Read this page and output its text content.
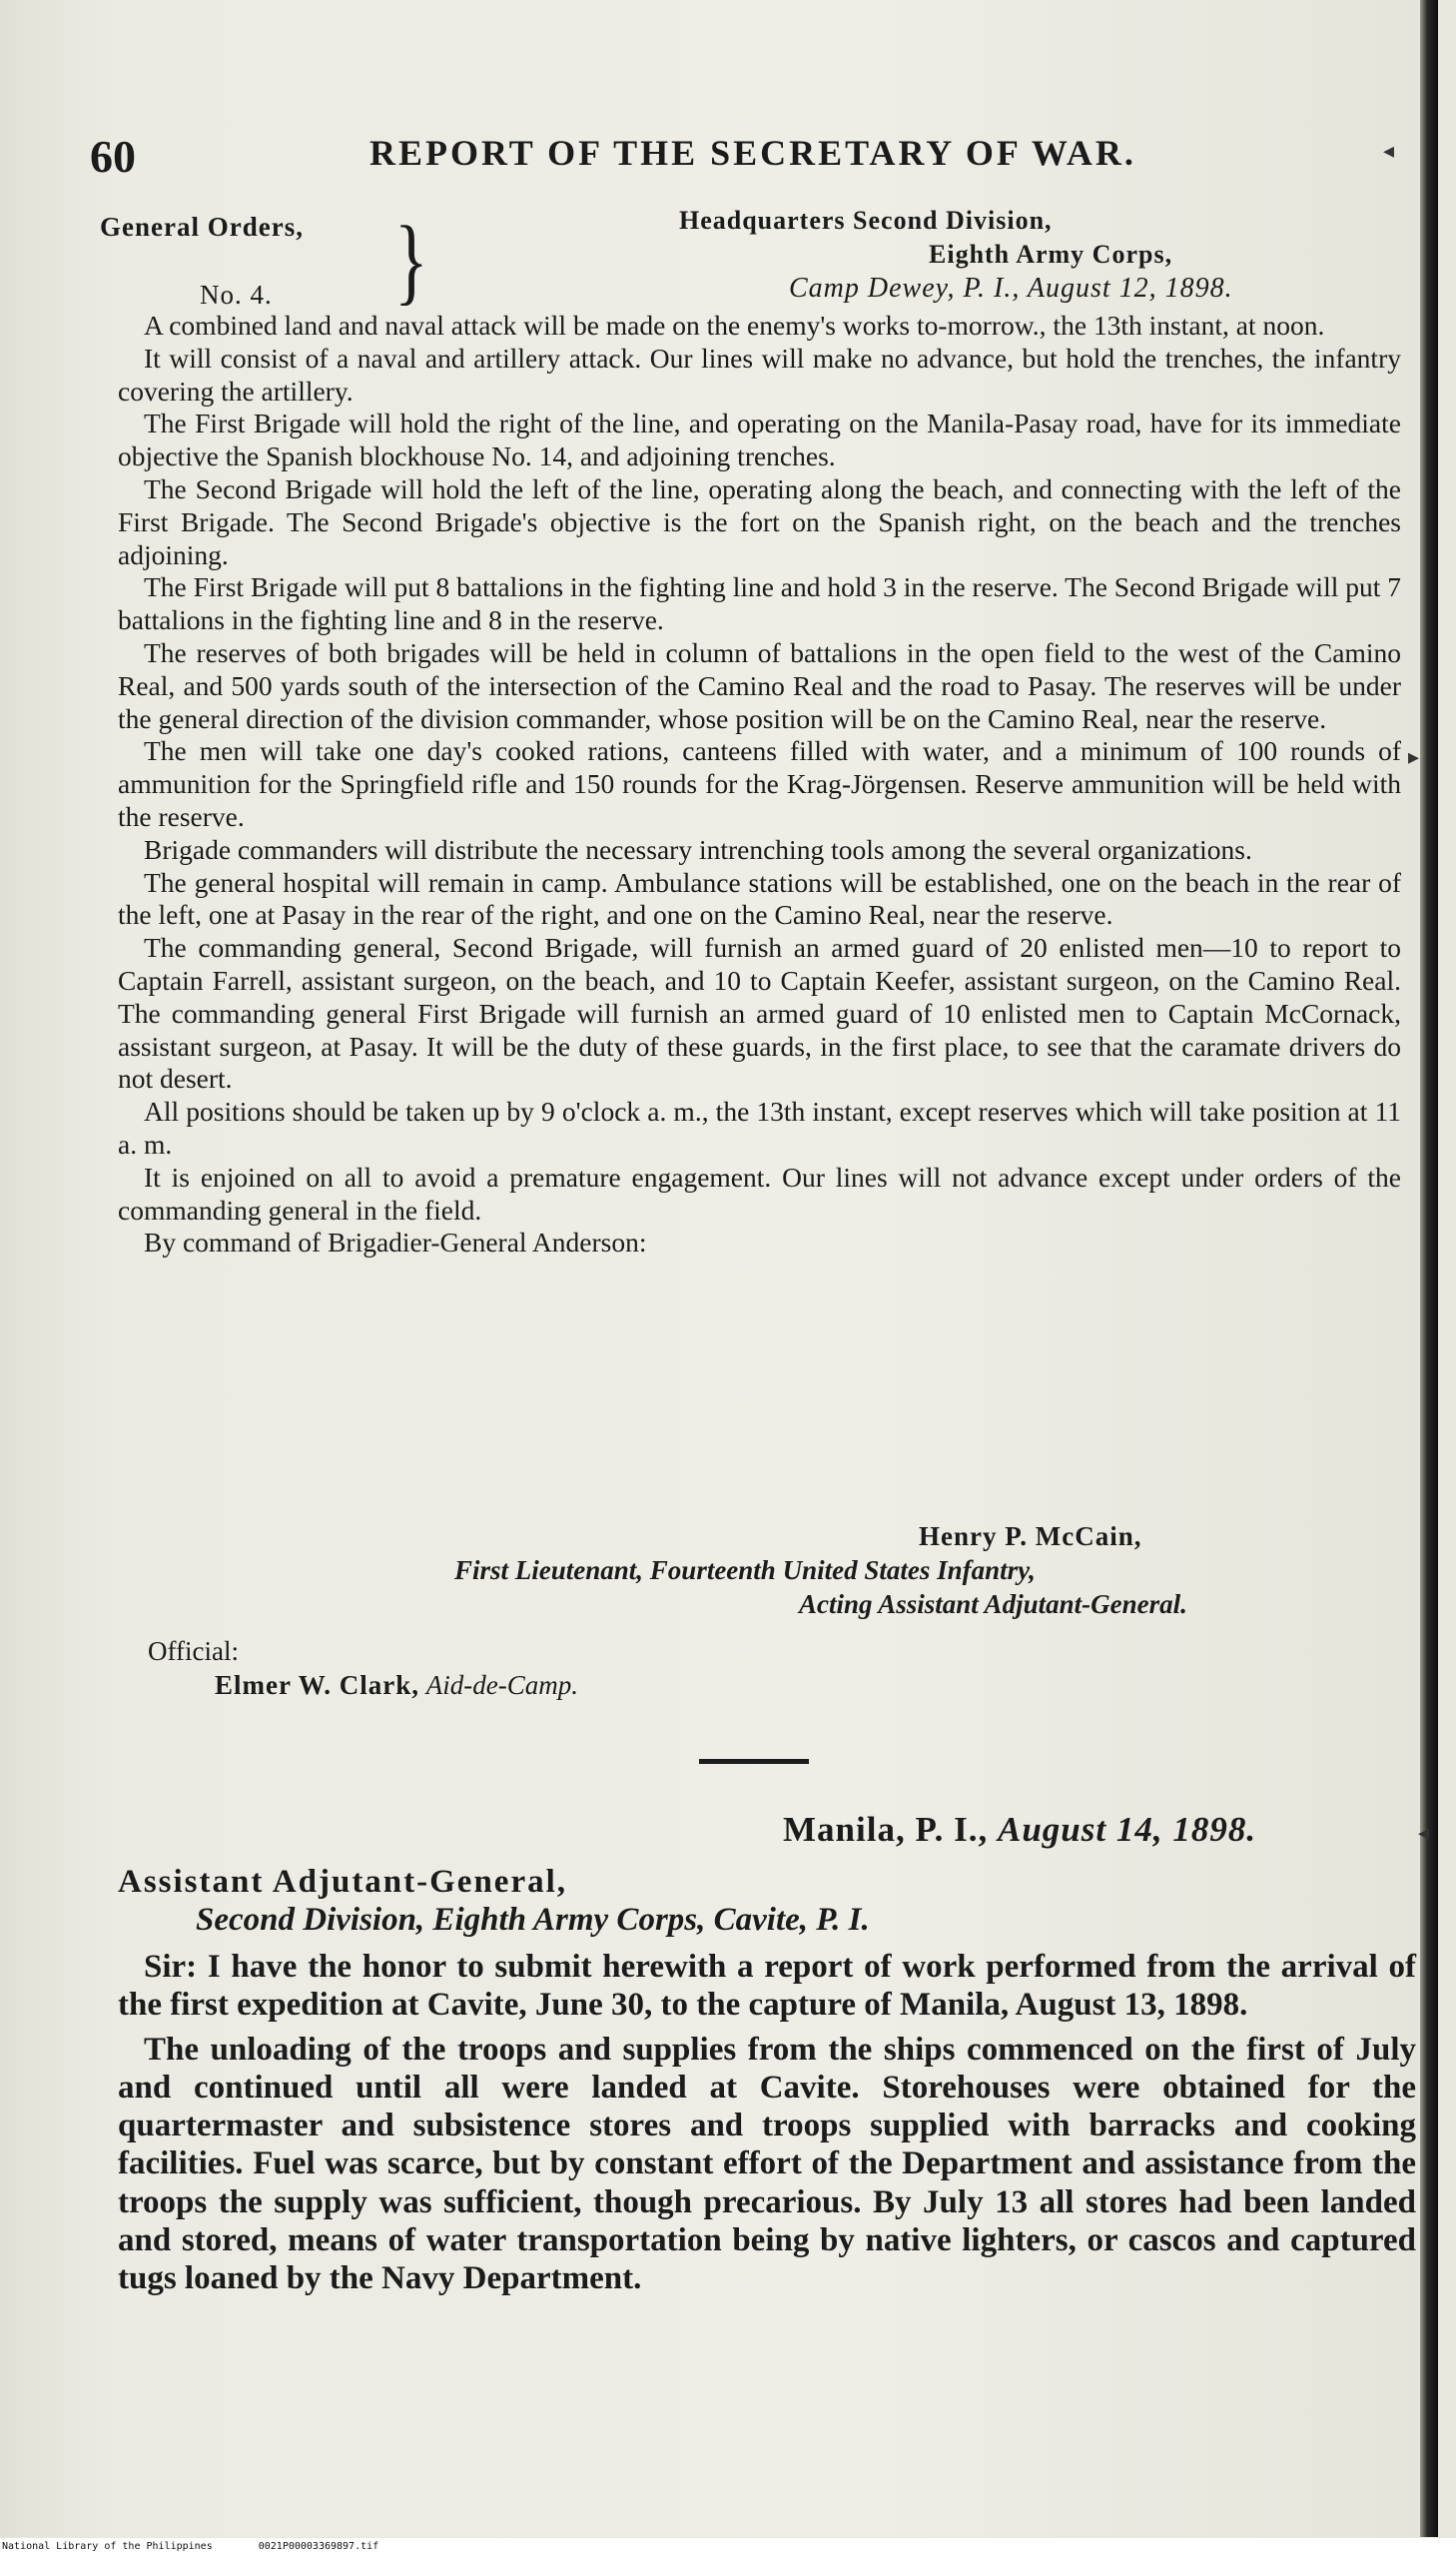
60	REPORT OF THE SECRETARY OF WAR.
General Orders,
No. 4. }	Headquarters Second Division,
Eighth Army Corps,
Camp Dewey, P. I., August 12, 1898.

A combined land and naval attack will be made on the enemy's works to-morrow., the 13th instant, at noon.

It will consist of a naval and artillery attack. Our lines will make no advance, but hold the trenches, the infantry covering the artillery.

The First Brigade will hold the right of the line, and operating on the Manila-Pasay road, have for its immediate objective the Spanish blockhouse No. 14, and adjoining trenches.

The Second Brigade will hold the left of the line, operating along the beach, and connecting with the left of the First Brigade. The Second Brigade's objective is the fort on the Spanish right, on the beach and the trenches adjoining.

The First Brigade will put 8 battalions in the fighting line and hold 3 in the reserve. The Second Brigade will put 7 battalions in the fighting line and 8 in the reserve.

The reserves of both brigades will be held in column of battalions in the open field to the west of the Camino Real, and 500 yards south of the intersection of the Camino Real and the road to Pasay. The reserves will be under the general direction of the division commander, whose position will be on the Camino Real, near the reserve.

The men will take one day's cooked rations, canteens filled with water, and a minimum of 100 rounds of ammunition for the Springfield rifle and 150 rounds for the Krag-Jörgensen. Reserve ammunition will be held with the reserve.

Brigade commanders will distribute the necessary intrenching tools among the several organizations.

The general hospital will remain in camp. Ambulance stations will be established, one on the beach in the rear of the left, one at Pasay in the rear of the right, and one on the Camino Real, near the reserve.

The commanding general, Second Brigade, will furnish an armed guard of 20 enlisted men—10 to report to Captain Farrell, assistant surgeon, on the beach, and 10 to Captain Keefer, assistant surgeon, on the Camino Real. The commanding general First Brigade will furnish an armed guard of 10 enlisted men to Captain McCornack, assistant surgeon, at Pasay. It will be the duty of these guards, in the first place, to see that the caramate drivers do not desert.

All positions should be taken up by 9 o'clock a. m., the 13th instant, except reserves which will take position at 11 a. m.

It is enjoined on all to avoid a premature engagement. Our lines will not advance except under orders of the commanding general in the field.

By command of Brigadier-General Anderson:

Henry P. McCain,
First Lieutenant, Fourteenth United States Infantry,
Acting Assistant Adjutant-General.
Official:
Elmer W. Clark, Aid-de-Camp.
Manila, P. I., August 14, 1898.
Assistant Adjutant-General,
Second Division, Eighth Army Corps, Cavite, P. I.

Sir: I have the honor to submit herewith a report of work performed from the arrival of the first expedition at Cavite, June 30, to the capture of Manila, August 13, 1898.

The unloading of the troops and supplies from the ships commenced on the first of July and continued until all were landed at Cavite. Storehouses were obtained for the quartermaster and subsistence stores and troops supplied with barracks and cooking facilities. Fuel was scarce, but by constant effort of the Department and assistance from the troops the supply was sufficient, though precarious. By July 13 all stores had been landed and stored, means of water transportation being by native lighters, or cascos and captured tugs loaned by the Navy Department.

◂
▸
◂
National Library of the Philippines	0021P00003369897.tif
